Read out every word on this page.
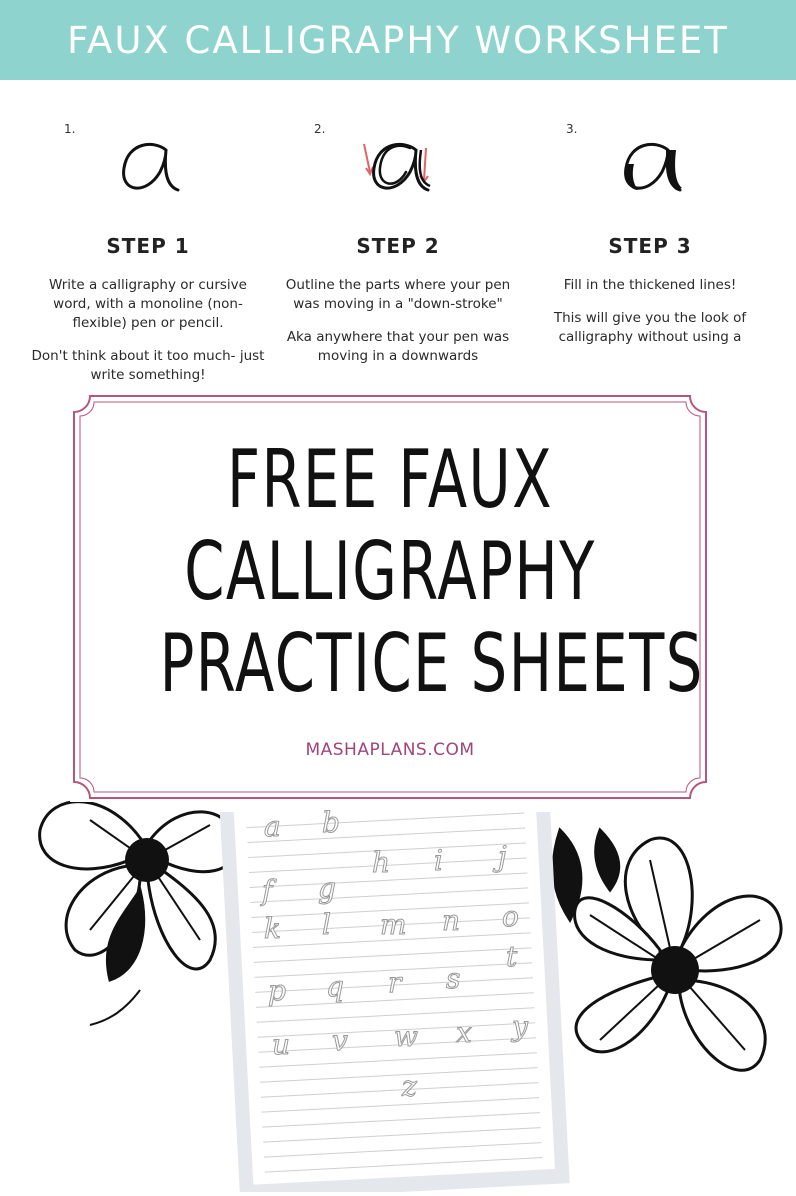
FAUX CALLIGRAPHY WORKSHEET
1.
STEP 1
Write a calligraphy or cursive word, with a monoline (non-flexible) pen or pencil.
Don't think about it too much- just write something!
2.
STEP 2
Outline the parts where your pen was moving in a "down-stroke"
Aka anywhere that your pen was moving in a downwards
3.
STEP 3
Fill in the thickened lines!
This will give you the look of calligraphy without using a
a b
h i j
f g
k l m n o
p q r s
t
u v w x y
z
FREE FAUX
CALLIGRAPHY
PRACTICE SHEETS
MASHAPLANS.COM
